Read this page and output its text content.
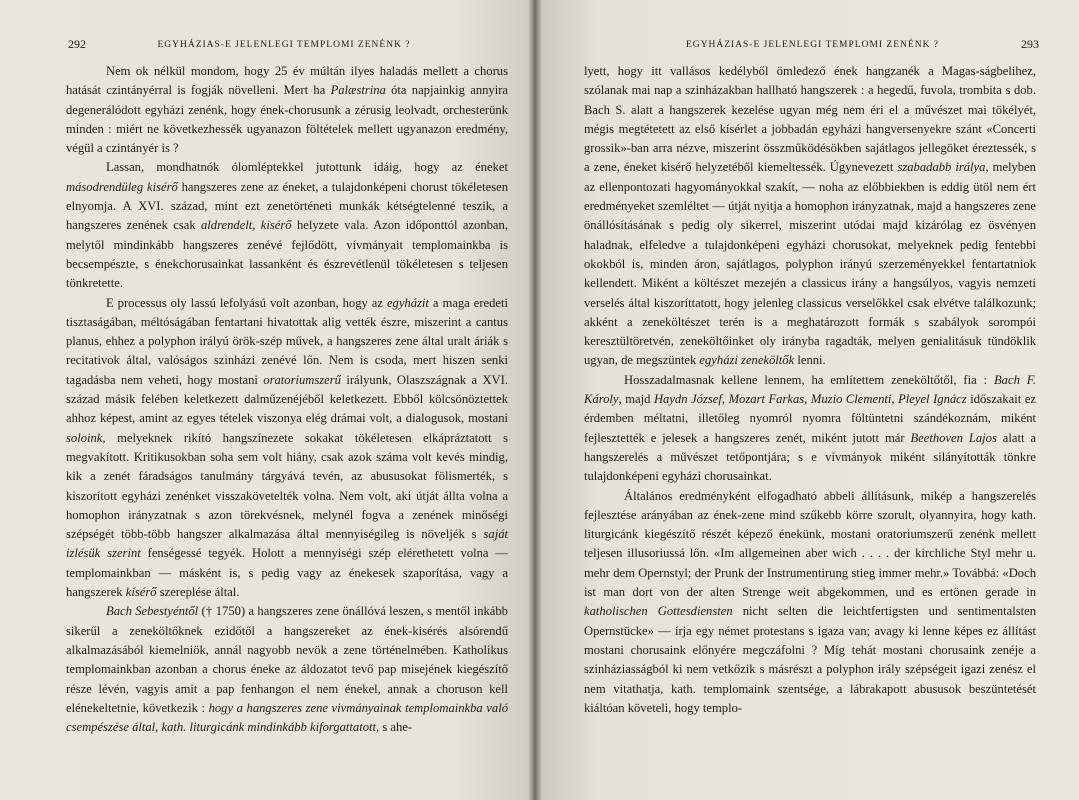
292	EGYHÁZIAS-E JELENLEGI TEMPLOMI ZENÉNK ?

Nem ok nélkül mondom, hogy 25 év múltán ilyes haladás mellett a chorus hatását czintányérral is fogják növelleni. Mert ha Palæstrina óta napjainkig annyira degenerálódott egyházi zenénk, hogy ének-chorusunk a zérusig leolvadt, orchesterünk minden : miért ne következhessék ugyanazon föltételek mellett ugyanazon eredmény, végül a czintányér is ?

Lassan, mondhatnók ólomléptekkel jutottunk idáig, hogy az éneket másodrendüleg kisérő hangszeres zene az éneket, a tulajdonképeni chorust tökéletesen elnyomja. A XVI. század, mint ezt zenetörténeti munkák kétségtelenné teszik, a hangszeres zenének csak aldrendelt, kisérő helyzete vala. Azon időponttól azonban, melytől mindinkább hangszeres zenévé fejlődött, vívmányait templomainkba is becsempészte, s énekchorusainkat lassanként és észrevétlenül tökéletesen s teljesen tönkretette.

E processus oly lassú lefolyású volt azonban, hogy az egyházit a maga eredeti tisztaságában, méltóságában fentartani hivatottak alig vették észre, miszerint a cantus planus, ehhez a polyphon irályú örök-szép művek, a hangszeres zene által uralt áriák s recitativok által, valóságos szinházi zenévé lőn. Nem is csoda, mert hiszen senki tagadásba nem veheti, hogy mostani oratoriumszerű irályunk, Olaszszágnak a XVI. század másik felében keletkezett dalműzenéjéből keletkezett. Ebből kölcsönöztettek ahhoz képest, amint az egyes tételek viszonya elég drámai volt, a dialogusok, mostani soloink, melyeknek rikító hangszínezete sokakat tökéletesen elkápráztatott s megvakított. Kritikusokban soha sem volt hiány, csak azok száma volt kevés mindig, kik a zenét fáradságos tanulmány tárgyává tevén, az abususokat fölismerték, s kiszorított egyházi zenénket visszakövetelték volna. Nem volt, aki útját állta volna a homophon irányzatnak s azon törekvésnek, melynél fogva a zenének minőségi szépségét több-több hangszer alkalmazása által mennyiségileg is növeljék s saját izlésük szerint fenségessé tegyék. Holott a mennyiségi szép elérethetett volna — templomainkban — másként is, s pedig vagy az énekesek szaporítása, vagy a hangszerek kísérő szereplése által.

Bach Sebestyéntől († 1750) a hangszeres zene önállóvá leszen, s mentől inkább sikerűl a zeneköltőknek ezidőtől a hangszereket az ének-kisérés alsórendű alkalmazásából kiemelniök, annál nagyobb nevök a zene történelmében. Katholikus templomainkban azonban a chorus éneke az áldozatot tevő pap misejének kiegészítő része lévén, vagyis amit a pap fenhangon el nem énekel, annak a choruson kell elénekeltetnie, következik : hogy a hangszeres zene vivmányainak templomainkba való csempészése által, kath. liturgicánk mindinkább kiforgattatott, s ahe-

EGYHÁZIAS-E JELENLEGI TEMPLOMI ZENÉNK ?	293

lyett, hogy itt vallásos kedélyből ömledező ének hangzanék a Magas-ságbelihez, szólanak mai nap a szinházakban hallható hangszerek : a hegedű, fuvola, trombita s dob. Bach S. alatt a hangszerek kezelése ugyan még nem éri el a művészet mai tökélyét, mégis megtétetett az első kísérlet a jobbadán egyházi hangversenyekre szánt «Concerti grossik»-ban arra nézve, miszerint összműködésökben sajátlagos jellegöket éreztessék, s a zene, éneket kisérő helyzetéből kiemeltessék. Úgynevezett szabadabb irálya, melyben az ellenpontozati hagyományokkal szakít, — noha az előbbiekben is eddig ütöl nem ért eredményeket szemléltet — útját nyitja a homophon irányzatnak, majd a hangszeres zene önállósításának s pedig oly sikerrel, miszerint utódai majd kizárólag ez ösvényen haladnak, elfeledve a tulajdonképeni egyházi chorusokat, melyeknek pedig fentebbi okokból is, minden áron, sajátlagos, polyphon irányú szerzeményekkel fentartatniok kellendett. Miként a költészet mezején a classicus irány a hangsúlyos, vagyis nemzeti verselés által kiszoríttatott, hogy jelenleg classicus verselőkkel csak elvétve találkozunk; akként a zeneköltészet terén is a meghatározott formák s szabályok sorompói keresztültöretvén, zeneköltőinket oly irányba ragadták, melyen genialitásuk tündöklik ugyan, de megszüntek egyházi zeneköltők lenni.

Hosszadalmasnak kellene lennem, ha említettem zeneköltőtől, fia : Bach F. Károly, majd Haydn József, Mozart Farkas, Muzio Clementi, Pleyel Ignácz időszakait ez érdemben méltatni, illetőleg nyomról nyomra föltüntetni szándékoznám, miként fejlesztették e jelesek a hangszeres zenét, miként jutott már Beethoven Lajos alatt a hangszerelés a művészet tetőpontjára; s e vívmányok miként silányították tönkre tulajdonképeni egyházi chorusainkat.

Általános eredményként elfogadható abbeli állításunk, mikép a hangszerelés fejlesztése arányában az ének-zene mind szűkebb körre szorult, olyannyira, hogy kath. liturgicánk kiegészítő részét képező énekünk, mostani oratoriumszerű zenénk mellett teljesen illusoriussá lőn. «Im allgemeinen aber wich . . . . der kirchliche Styl mehr u. mehr dem Opernstyl; der Prunk der Instrumentirung stieg immer mehr.» Továbbá: «Doch ist man dort von der alten Strenge weit abgekommen, und es ertönen gerade in katholischen Gottesdiensten nicht selten die leichtfertigsten und sentimentalsten Opernstücke» — írja egy német protestans s igaza van; avagy ki lenne képes ez állítást mostani chorusaink előnyére megczáfolni ? Míg tehát mostani chorusaink zenéje a szinháziasságból ki nem vetkőzik s másrészt a polyphon irály szépségeit igazi zenész el nem vitathatja, kath. templomaink szentsége, a lábrakapott abususok beszüntetését kiáltóan követeli, hogy templo-
